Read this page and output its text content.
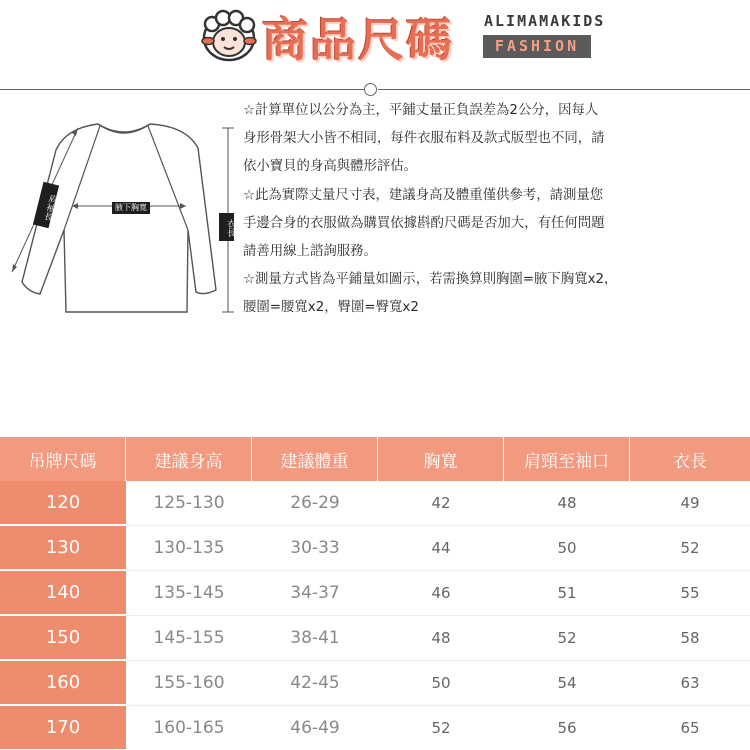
商品尺碼 ALIMAMAKIDS
FASHION
腋下胸寬
衣長
肩袖長
☆計算單位以公分為主，平鋪丈量正負誤差為2公分，因每人
身形骨架大小皆不相同，每件衣服布料及款式版型也不同，請
依小寶貝的身高與體形評估。
☆此為實際丈量尺寸表，建議身高及體重僅供參考，請測量您
手邊合身的衣服做為購買依據斟酌尺碼是否加大，有任何問題
請善用線上諮詢服務。
☆測量方式皆為平鋪量如圖示，若需換算則胸圍=腋下胸寬x2，
腰圍=腰寬x2，臀圍=臀寬x2
吊牌尺碼	建議身高	建議體重	胸寬	肩頸至袖口	衣長
120	125-130	26-29	42	48	49
130	130-135	30-33	44	50	52
140	135-145	34-37	46	51	55
150	145-155	38-41	48	52	58
160	155-160	42-45	50	54	63
170	160-165	46-49	52	56	65
